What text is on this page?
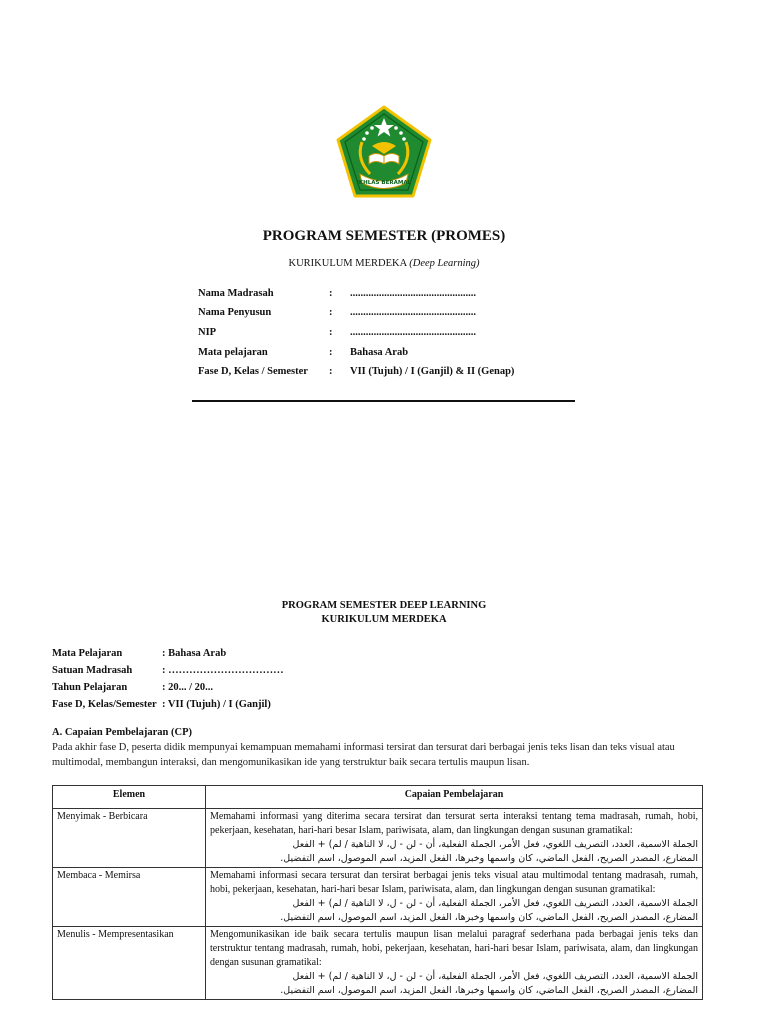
IKHLAS BERAMAL
PROGRAM SEMESTER (PROMES)
KURIKULUM MERDEKA (Deep Learning)
Nama Madrasah	: ................................................
Nama Penyusun	: ................................................
NIP	: ................................................
Mata pelajaran	: Bahasa Arab
Fase D, Kelas / Semester	: VII (Tujuh) / I (Ganjil) & II (Genap)
PROGRAM SEMESTER DEEP LEARNING
KURIKULUM MERDEKA
Mata Pelajaran	: Bahasa Arab
Satuan Madrasah	: ……………………………
Tahun Pelajaran	: 20... / 20...
Fase D, Kelas/Semester : VII (Tujuh) / I (Ganjil)
A. Capaian Pembelajaran (CP)
Pada akhir fase D, peserta didik mempunyai kemampuan memahami informasi tersirat dan tersurat dari berbagai jenis teks lisan dan teks visual atau multimodal, membangun interaksi, dan mengomunikasikan ide yang terstruktur baik secara tertulis maupun lisan.
Elemen	Capaian Pembelajaran
Menyimak - Berbicara	Memahami informasi yang diterima secara tersirat dan tersurat serta interaksi tentang tema madrasah, rumah, hobi, pekerjaan, kesehatan, hari-hari besar Islam, pariwisata, alam, dan lingkungan dengan susunan gramatikal:
الجملة الاسمية، العدد، التصريف اللغوي، فعل الأمر، الجملة الفعلية، أن - لن - ل، لا الناهية / لم) + الفعل
المضارع، المصدر الصريح، الفعل الماضي، كان واسمها وخبرها، الفعل المزيد، اسم الموصول، اسم التفضيل.

Membaca - Memirsa	Memahami informasi secara tersurat dan tersirat berbagai jenis teks visual atau multimodal tentang madrasah, rumah, hobi, pekerjaan, kesehatan, hari-hari besar Islam, pariwisata, alam, dan lingkungan dengan susunan gramatikal:
الجملة الاسمية، العدد، التصريف اللغوي، فعل الأمر، الجملة الفعلية، أن - لن - ل، لا الناهية / لم) + الفعل
المضارع، المصدر الصريح، الفعل الماضي، كان واسمها وخبرها، الفعل المزيد، اسم الموصول، اسم التفضيل.

Menulis - Mempresentasikan	Mengomunikasikan ide baik secara tertulis maupun lisan melalui paragraf sederhana pada berbagai jenis teks dan terstruktur tentang madrasah, rumah, hobi, pekerjaan, kesehatan, hari-hari besar Islam, pariwisata, alam, dan lingkungan dengan susunan gramatikal:
الجملة الاسمية، العدد، التصريف اللغوي، فعل الأمر، الجملة الفعلية، أن - لن - ل، لا الناهية / لم) + الفعل
المضارع، المصدر الصريح، الفعل الماضي، كان واسمها وخبرها، الفعل المزيد، اسم الموصول، اسم التفضيل.
